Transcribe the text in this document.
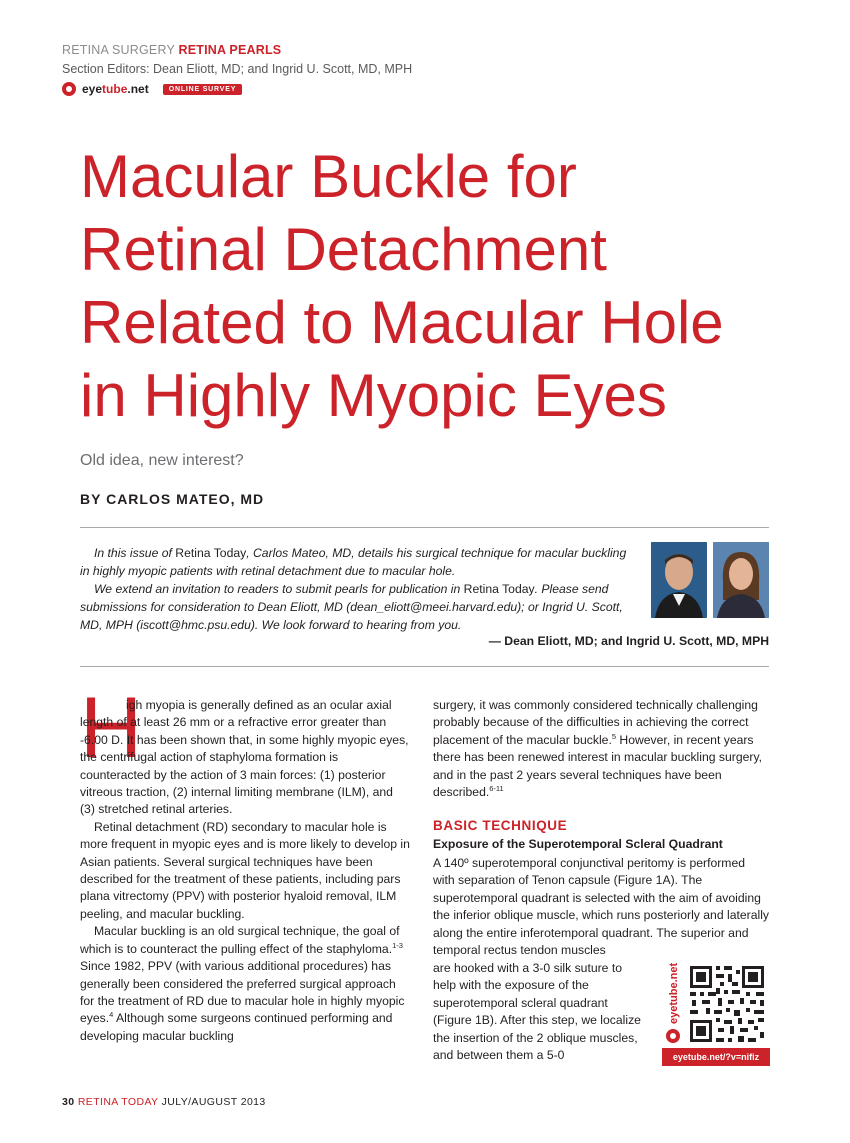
RETINA SURGERY RETINA PEARLS
Section Editors: Dean Eliott, MD; and Ingrid U. Scott, MD, MPH
eyetube.net	ONLINE SURVEY
Macular Buckle for
Retinal Detachment
Related to Macular Hole
in Highly Myopic Eyes
Old idea, new interest?
BY CARLOS MATEO, MD

In this issue of Retina Today, Carlos Mateo, MD, details his surgical technique for macular buckling in highly myopic patients with retinal detachment due to macular hole.

We extend an invitation to readers to submit pearls for publication in Retina Today. Please send submissions for consideration to Dean Eliott, MD (dean_eliott@meei.harvard.edu); or Ingrid U. Scott, MD, MPH (iscott@hmc.psu.edu). We look forward to hearing from you.

— Dean Eliott, MD; and Ingrid U. Scott, MD, MPH
H

igh myopia is generally defined as an ocular axial length of at least 26 mm or a refractive error greater than -6.00 D. It has been shown that, in some highly myopic eyes, the centrifugal action of staphyloma formation is counteracted by the action of 3 main forces: (1) posterior vitreous traction, (2) internal limiting membrane (ILM), and (3) stretched retinal arteries.

Retinal detachment (RD) secondary to macular hole is more frequent in myopic eyes and is more likely to develop in Asian patients. Several surgical techniques have been described for the treatment of these patients, including pars plana vitrectomy (PPV) with posterior hyaloid removal, ILM peeling, and macular buckling.

Macular buckling is an old surgical technique, the goal of which is to counteract the pulling effect of the staphyloma.$^{1-3}$ Since 1982, PPV (with various additional procedures) has generally been considered the preferred surgical approach for the treatment of RD due to macular hole in highly myopic eyes.$^4$ Although some surgeons continued performing and developing macular buckling

surgery, it was commonly considered technically challenging probably because of the difficulties in achieving the correct placement of the macular buckle.$^5$ However, in recent years there has been renewed interest in macular buckling surgery, and in the past 2 years several techniques have been described.$^{6-11}$

BASIC TECHNIQUE
Exposure of the Superotemporal Scleral Quadrant

A 140º superotemporal conjunctival peritomy is performed with separation of Tenon capsule (Figure 1A). The superotemporal quadrant is selected with the aim of avoiding the inferior oblique muscle, which runs posteriorly and laterally along the entire inferotemporal quadrant. The superior and temporal rectus tendon muscles

are hooked with a 3-0 silk suture to help with the exposure of the superotemporal scleral quadrant (Figure 1B). After this step, we localize the insertion of the 2 oblique muscles, and between them a 5-0

eyetube.net
eyetube.net/?v=nifiz
30 RETINA TODAY JULY/AUGUST 2013
